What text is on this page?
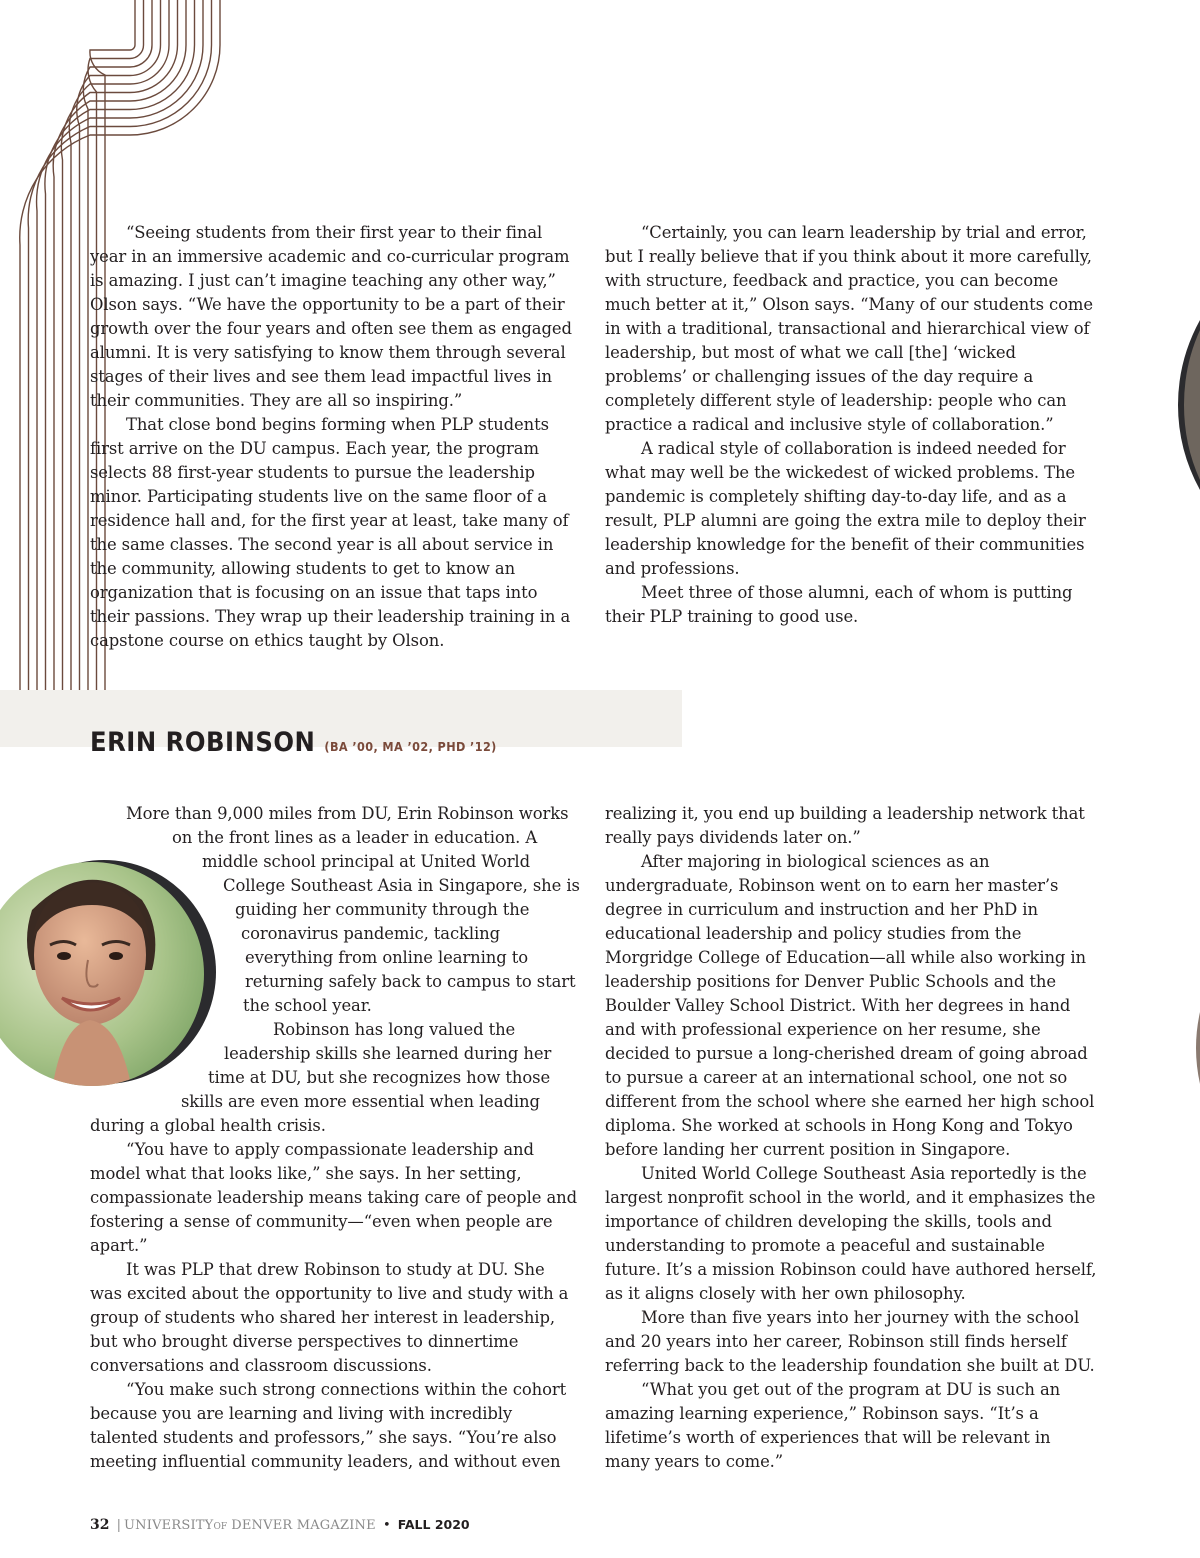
“Seeing students from their first year to their final year in an immersive academic and co-curricular program is amazing. I just can’t imagine teaching any other way,” Olson says. “We have the opportunity to be a part of their growth over the four years and often see them as engaged alumni. It is very satisfying to know them through several stages of their lives and see them lead impactful lives in their communities. They are all so inspiring.”

That close bond begins forming when PLP students first arrive on the DU campus. Each year, the program selects 88 first-year students to pursue the leadership minor. Participating students live on the same floor of a residence hall and, for the first year at least, take many of the same classes. The second year is all about service in the community, allowing students to get to know an organization that is focusing on an issue that taps into their passions. They wrap up their leadership training in a capstone course on ethics taught by Olson.

“Certainly, you can learn leadership by trial and error, but I really believe that if you think about it more carefully, with structure, feedback and practice, you can become much better at it,” Olson says. “Many of our students come in with a traditional, transactional and hierarchical view of leadership, but most of what we call [the] ‘wicked problems’ or challenging issues of the day require a completely different style of leadership: people who can practice a radical and inclusive style of collaboration.”

A radical style of collaboration is indeed needed for what may well be the wickedest of wicked problems. The pandemic is completely shifting day-to-day life, and as a result, PLP alumni are going the extra mile to deploy their leadership knowledge for the benefit of their communities and professions.

Meet three of those alumni, each of whom is putting their PLP training to good use.

ERIN ROBINSON (BA ’00, MA ’02, PHD ’12)

More than 9,000 miles from DU, Erin Robinson works on the front lines as a leader in education. A middle school principal at United World College Southeast Asia in Singapore, she is guiding her community through the coronavirus pandemic, tackling everything from online learning to returning safely back to campus to start the school year.

Robinson has long valued the leadership skills she learned during her time at DU, but she recognizes how those skills are even more essential when leading during a global health crisis.

“You have to apply compassionate leadership and model what that looks like,” she says. In her setting, compassionate leadership means taking care of people and fostering a sense of community—“even when people are apart.”

It was PLP that drew Robinson to study at DU. She was excited about the opportunity to live and study with a group of students who shared her interest in leadership, but who brought diverse perspectives to dinnertime conversations and classroom discussions.

“You make such strong connections within the cohort because you are learning and living with incredibly talented students and professors,” she says. “You’re also meeting influential community leaders, and without even

realizing it, you end up building a leadership network that really pays dividends later on.”

After majoring in biological sciences as an undergraduate, Robinson went on to earn her master’s degree in curriculum and instruction and her PhD in educational leadership and policy studies from the Morgridge College of Education—all while also working in leadership positions for Denver Public Schools and the Boulder Valley School District. With her degrees in hand and with professional experience on her resume, she decided to pursue a long-cherished dream of going abroad to pursue a career at an international school, one not so different from the school where she earned her high school diploma. She worked at schools in Hong Kong and Tokyo before landing her current position in Singapore.

United World College Southeast Asia reportedly is the largest nonprofit school in the world, and it emphasizes the importance of children developing the skills, tools and understanding to promote a peaceful and sustainable future. It’s a mission Robinson could have authored herself, as it aligns closely with her own philosophy.

More than five years into her journey with the school and 20 years into her career, Robinson still finds herself referring back to the leadership foundation she built at DU.

“What you get out of the program at DU is such an amazing learning experience,” Robinson says. “It’s a lifetime’s worth of experiences that will be relevant in many years to come.”

32 | UNIVERSITYOF DENVER MAGAZINE • FALL 2020
